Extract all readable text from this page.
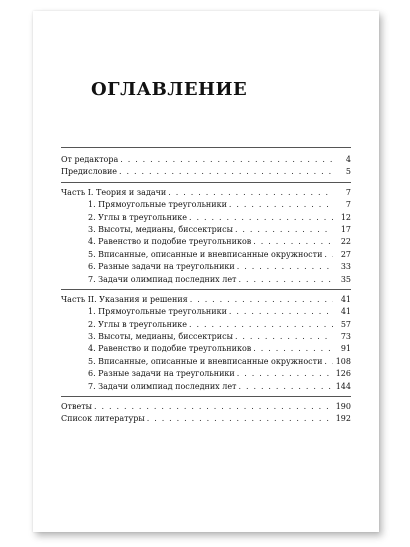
ОГЛАВЛЕНИЕ
От редактора . . .	4
Предисловие . . .	5
Часть I. Теория и задачи . . .	7
1. Прямоугольные треугольники . . .	7
2. Углы в треугольнике . . .	12
3. Высоты, медианы, биссектрисы . . .	17
4. Равенство и подобие треугольников . . .	22
5. Вписанные, описанные и вневписанные окружности . . .	27
6. Разные задачи на треугольники . . .	33
7. Задачи олимпиад последних лет . . .	35
Часть II. Указания и решения . . .	41
1. Прямоугольные треугольники . . .	41
2. Углы в треугольнике . . .	57
3. Высоты, медианы, биссектрисы . . .	73
4. Равенство и подобие треугольников . . .	91
5. Вписанные, описанные и вневписанные окружности . . . 108
6. Разные задачи на треугольники . . .	126
7. Задачи олимпиад последних лет . . .	144
Ответы . . .	190
Список литературы . . .	192
